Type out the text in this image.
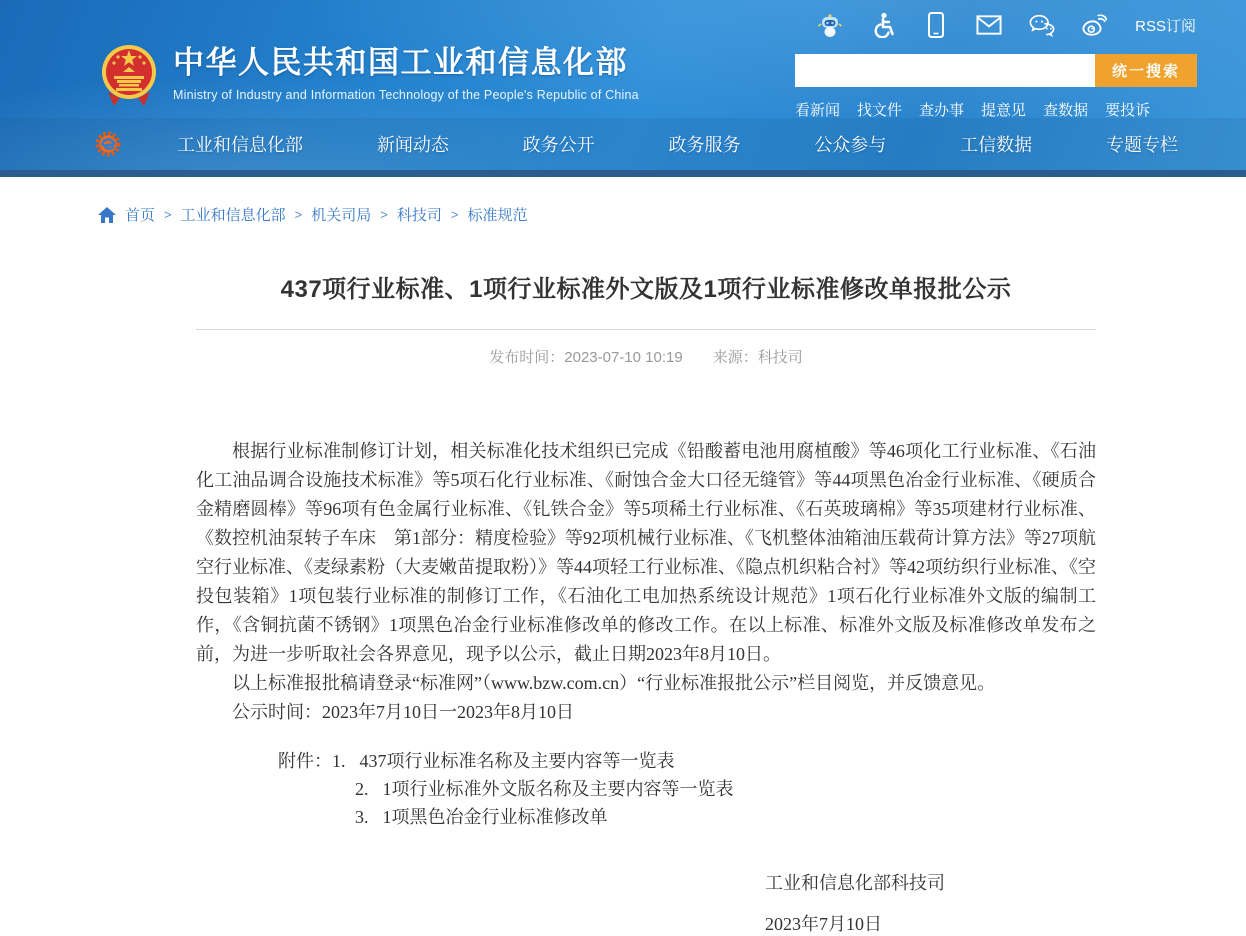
RSS订阅
中华人民共和国工业和信息化部
Ministry of Industry and Information Technology of the People's Republic of China
统一搜索
看新闻 找文件 查办事 提意见 查数据 要投诉
工业和信息化部	新闻动态	政务公开	政务服务	公众参与	工信数据	专题专栏
首页 > 工业和信息化部 > 机关司局 > 科技司 > 标准规范
437项行业标准、1项行业标准外文版及1项行业标准修改单报批公示
发布时间：2023-07-10 10:19 来源：科技司

根据行业标准制修订计划，相关标准化技术组织已完成《铅酸蓄电池用腐植酸》等46项化工行业标准、《石油化工油品调合设施技术标准》等5项石化行业标准、《耐蚀合金大口径无缝管》等44项黑色冶金行业标准、《硬质合金精磨圆棒》等96项有色金属行业标准、《钆铁合金》等5项稀土行业标准、《石英玻璃棉》等35项建材行业标准、《数控机油泵转子车床　第1部分：精度检验》等92项机械行业标准、《飞机整体油箱油压载荷计算方法》等27项航空行业标准、《麦绿素粉（大麦嫩苗提取粉）》等44项轻工行业标准、《隐点机织粘合衬》等42项纺织行业标准、《空投包装箱》1项包装行业标准的制修订工作，《石油化工电加热系统设计规范》1项石化行业标准外文版的编制工作，《含铜抗菌不锈钢》1项黑色冶金行业标准修改单的修改工作。在以上标准、标准外文版及标准修改单发布之前，为进一步听取社会各界意见，现予以公示，截止日期2023年8月10日。

以上标准报批稿请登录“标准网”（www.bzw.com.cn）“行业标准报批公示”栏目阅览，并反馈意见。

公示时间：2023年7月10日一2023年8月10日

附件：1. 437项行业标准名称及主要内容等一览表
2. 1项行业标准外文版名称及主要内容等一览表
3. 1项黑色冶金行业标准修改单
工业和信息化部科技司
2023年7月10日
